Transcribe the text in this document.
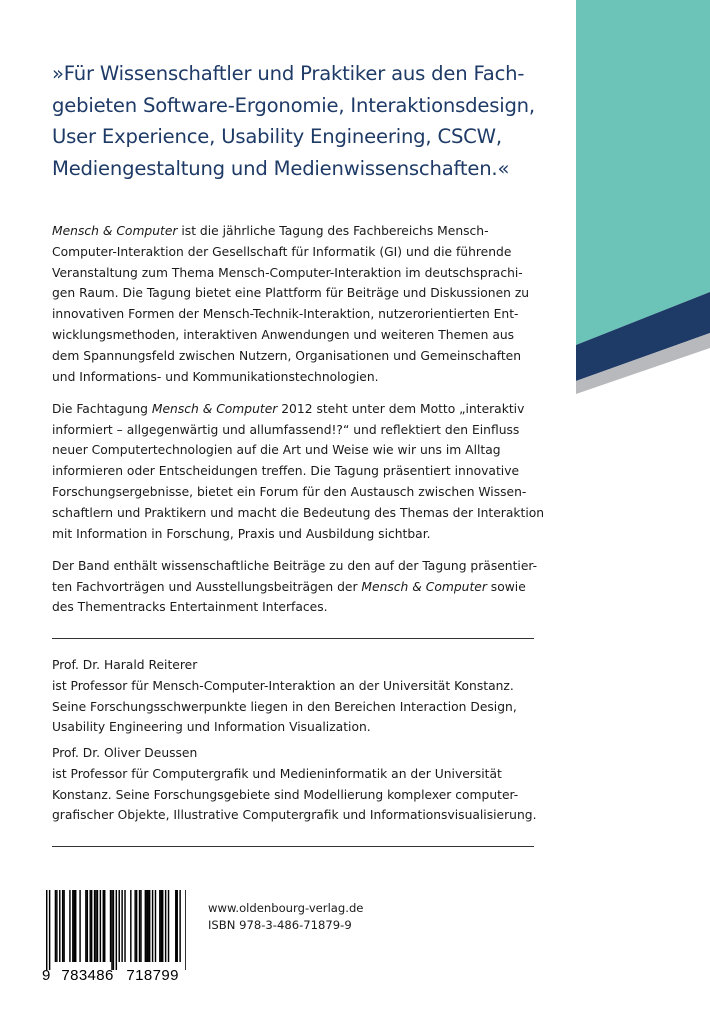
»Für Wissenschaftler und Praktiker aus den Fach-
gebieten Software-Ergonomie, Interaktionsdesign,
User Experience, Usability Engineering, CSCW,
Mediengestaltung und Medienwissenschaften.«

Mensch & Computer ist die jährliche Tagung des Fachbereichs Mensch-
Computer-Interaktion der Gesellschaft für Informatik (GI) und die führende
Veranstaltung zum Thema Mensch-Computer-Interaktion im deutschsprachi-
gen Raum. Die Tagung bietet eine Plattform für Beiträge und Diskussionen zu
innovativen Formen der Mensch-Technik-Interaktion, nutzerorientierten Ent-
wicklungsmethoden, interaktiven Anwendungen und weiteren Themen aus
dem Spannungsfeld zwischen Nutzern, Organisationen und Gemeinschaften
und Informations- und Kommunikationstechnologien.

Die Fachtagung Mensch & Computer 2012 steht unter dem Motto „interaktiv
informiert – allgegenwärtig und allumfassend!?“ und reflektiert den Einfluss
neuer Computertechnologien auf die Art und Weise wie wir uns im Alltag
informieren oder Entscheidungen treffen. Die Tagung präsentiert innovative
Forschungsergebnisse, bietet ein Forum für den Austausch zwischen Wissen-
schaftlern und Praktikern und macht die Bedeutung des Themas der Interaktion
mit Information in Forschung, Praxis und Ausbildung sichtbar.

Der Band enthält wissenschaftliche Beiträge zu den auf der Tagung präsentier-
ten Fachvorträgen und Ausstellungsbeiträgen der Mensch & Computer sowie
des Thementracks Entertainment Interfaces.

Prof. Dr. Harald Reiterer
ist Professor für Mensch-Computer-Interaktion an der Universität Konstanz.
Seine Forschungsschwerpunkte liegen in den Bereichen Interaction Design,
Usability Engineering und Information Visualization.
Prof. Dr. Oliver Deussen
ist Professor für Computergrafik und Medieninformatik an der Universität
Konstanz. Seine Forschungsgebiete sind Modellierung komplexer computer-
grafischer Objekte, Illustrative Computergrafik und Informationsvisualisierung.
9 783486 718799
www.oldenbourg-verlag.de
ISBN 978-3-486-71879-9
